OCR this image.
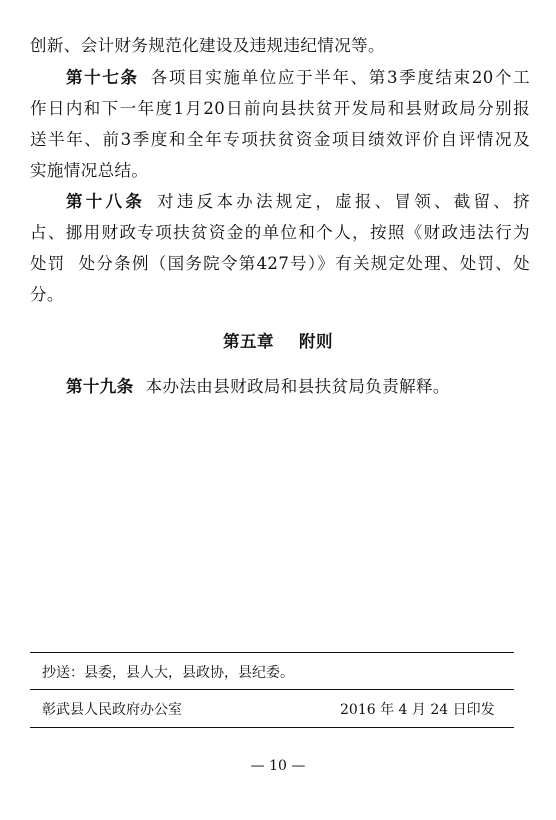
创新、会计财务规范化建设及违规违纪情况等。
第十七条 各项目实施单位应于半年、第3季度结束20个工
作日内和下一年度1月20日前向县扶贫开发局和县财政局分别报
送半年、前3季度和全年专项扶贫资金项目绩效评价自评情况及
实施情况总结。
第十八条 对违反本办法规定，虚报、冒领、截留、挤
占、挪用财政专项扶贫资金的单位和个人，按照《财政违法行为
处罚  处分条例（国务院令第427号）》有关规定处理、处罚、处
分。
第五章    附则
第十九条 本办法由县财政局和县扶贫局负责解释。
抄送：县委，县人大，县政协，县纪委。
彰武县人民政府办公室	2016 年 4 月 24 日印发
— 10 —
